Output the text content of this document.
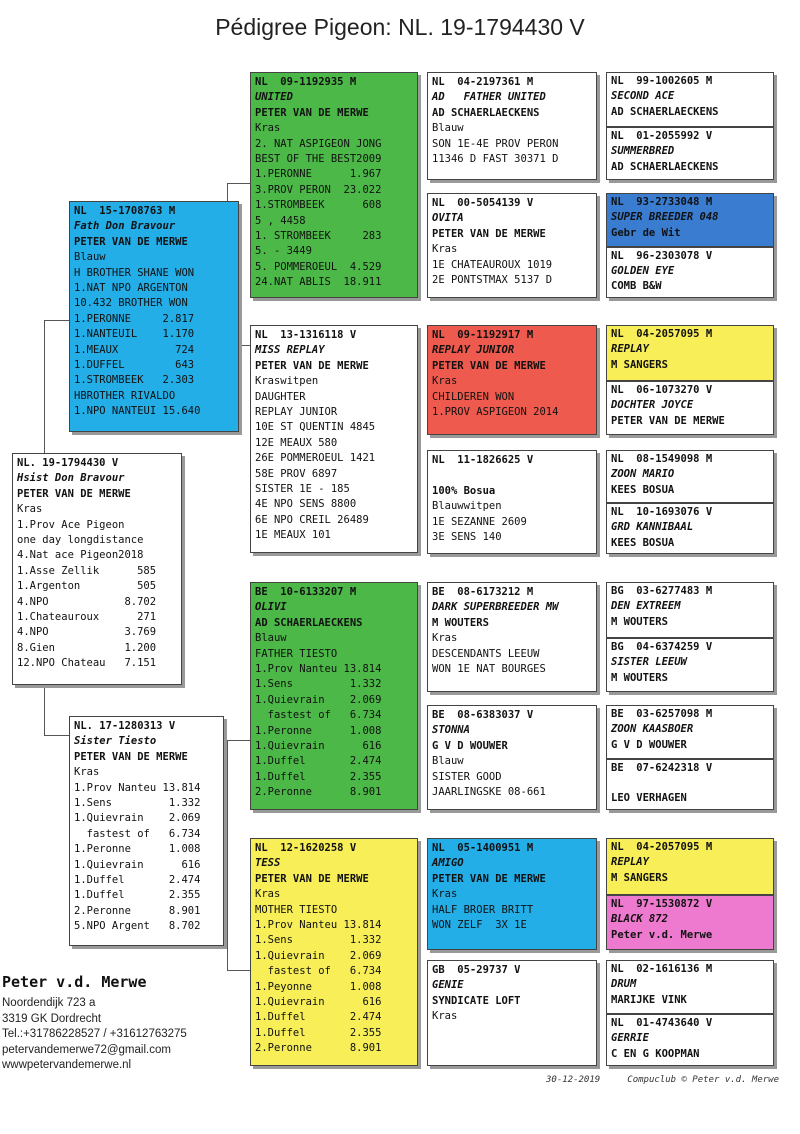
Pédigree Pigeon: NL. 19-1794430 V
NL. 19-1794430 V
Hsist Don Bravour
PETER VAN DE MERWE
Kras
1.Prov Ace Pigeon
one day longdistance
4.Nat ace Pigeon2018
1.Asse Zellik      585
1.Argenton         505
4.NPO            8.702
1.Chateauroux      271
4.NPO            3.769
8.Gien           1.200
12.NPO Chateau   7.151
NL. 17-1280313 V
Sister Tiesto
PETER VAN DE MERWE
Kras
1.Prov Nanteu 13.814
1.Sens         1.332
1.Quievrain    2.069
fastest of   6.734
1.Peronne      1.008
1.Quievrain      616
1.Duffel       2.474
1.Duffel       2.355
2.Peronne      8.901
5.NPO Argent   8.702
NL  15-1708763 M
Fath Don Bravour
PETER VAN DE MERWE
Blauw
H BROTHER SHANE WON
1.NAT NPO ARGENTON
10.432 BROTHER WON
1.PERONNE     2.817
1.NANTEUIL    1.170
1.MEAUX         724
1.DUFFEL        643
1.STROMBEEK   2.303
HBROTHER RIVALDO
1.NPO NANTEUI 15.640
NL  09-1192935 M
UNITED
PETER VAN DE MERWE
Kras
2. NAT ASPIGEON JONG
BEST OF THE BEST2009
1.PERONNE      1.967
3.PROV PERON  23.022
1.STROMBEEK      608
5 , 4458
1. STROMBEEK     283
5. - 3449
5. POMMEROEUL  4.529
24.NAT ABLIS  18.911
NL  13-1316118 V
MISS REPLAY
PETER VAN DE MERWE
Kraswitpen
DAUGHTER
REPLAY JUNIOR
10E ST QUENTIN 4845
12E MEAUX 580
26E POMMEROEUL 1421
58E PROV 6897
SISTER 1E - 185
4E NPO SENS 8800
6E NPO CREIL 26489
1E MEAUX 101
BE  10-6133207 M
OLIVI
AD SCHAERLAECKENS
Blauw
FATHER TIESTO
1.Prov Nanteu 13.814
1.Sens         1.332
1.Quievrain    2.069
fastest of   6.734
1.Peronne      1.008
1.Quievrain      616
1.Duffel       2.474
1.Duffel       2.355
2.Peronne      8.901
NL  12-1620258 V
TESS
PETER VAN DE MERWE
Kras
MOTHER TIESTO
1.Prov Nanteu 13.814
1.Sens         1.332
1.Quievrain    2.069
fastest of   6.734
1.Peyonne      1.008
1.Quievrain      616
1.Duffel       2.474
1.Duffel       2.355
2.Peronne      8.901
NL  04-2197361 M
AD   FATHER UNITED
AD SCHAERLAECKENS
Blauw
SON 1E-4E PROV PERON
11346 D FAST 30371 D
NL  00-5054139 V
OVITA
PETER VAN DE MERWE
Kras
1E CHATEAUROUX 1019
2E PONTSTMAX 5137 D
NL  09-1192917 M
REPLAY JUNIOR
PETER VAN DE MERWE
Kras
CHILDEREN WON
1.PROV ASPIGEON 2014
NL  11-1826625 V

100% Bosua
Blauwwitpen
1E SEZANNE 2609
3E SENS 140
BE  08-6173212 M
DARK SUPERBREEDER MW
M WOUTERS
Kras
DESCENDANTS LEEUW
WON 1E NAT BOURGES
BE  08-6383037 V
STONNA
G V D WOUWER
Blauw
SISTER GOOD
JAARLINGSKE 08-661
NL  05-1400951 M
AMIGO
PETER VAN DE MERWE
Kras
HALF BROER BRITT
WON ZELF  3X 1E
GB  05-29737 V
GENIE
SYNDICATE LOFT
Kras
NL  99-1002605 M
SECOND ACE
AD SCHAERLAECKENS
NL  01-2055992 V
SUMMERBRED
AD SCHAERLAECKENS
NL  93-2733048 M
SUPER BREEDER 048
Gebr de Wit
NL  96-2303078 V
GOLDEN EYE
COMB B&W
NL  04-2057095 M
REPLAY
M SANGERS
NL  06-1073270 V
DOCHTER JOYCE
PETER VAN DE MERWE
NL  08-1549098 M
ZOON MARIO
KEES BOSUA
NL  10-1693076 V
GRD KANNIBAAL
KEES BOSUA
BG  03-6277483 M
DEN EXTREEM
M WOUTERS
BG  04-6374259 V
SISTER LEEUW
M WOUTERS
BE  03-6257098 M
ZOON KAASBOER
G V D WOUWER
BE  07-6242318 V

LEO VERHAGEN
NL  04-2057095 M
REPLAY
M SANGERS
NL  97-1530872 V
BLACK 872
Peter v.d. Merwe
NL  02-1616136 M
DRUM
MARIJKE VINK
NL  01-4743640 V
GERRIE
C EN G KOOPMAN
Peter v.d. Merwe
Noordendijk 723 a
3319 GK Dordrecht
Tel.:+31786228527 / +31612763275
petervandemerwe72@gmail.com
wwwpetervandemerwe.nl
30-12-2019	Compuclub © Peter v.d. Merwe
